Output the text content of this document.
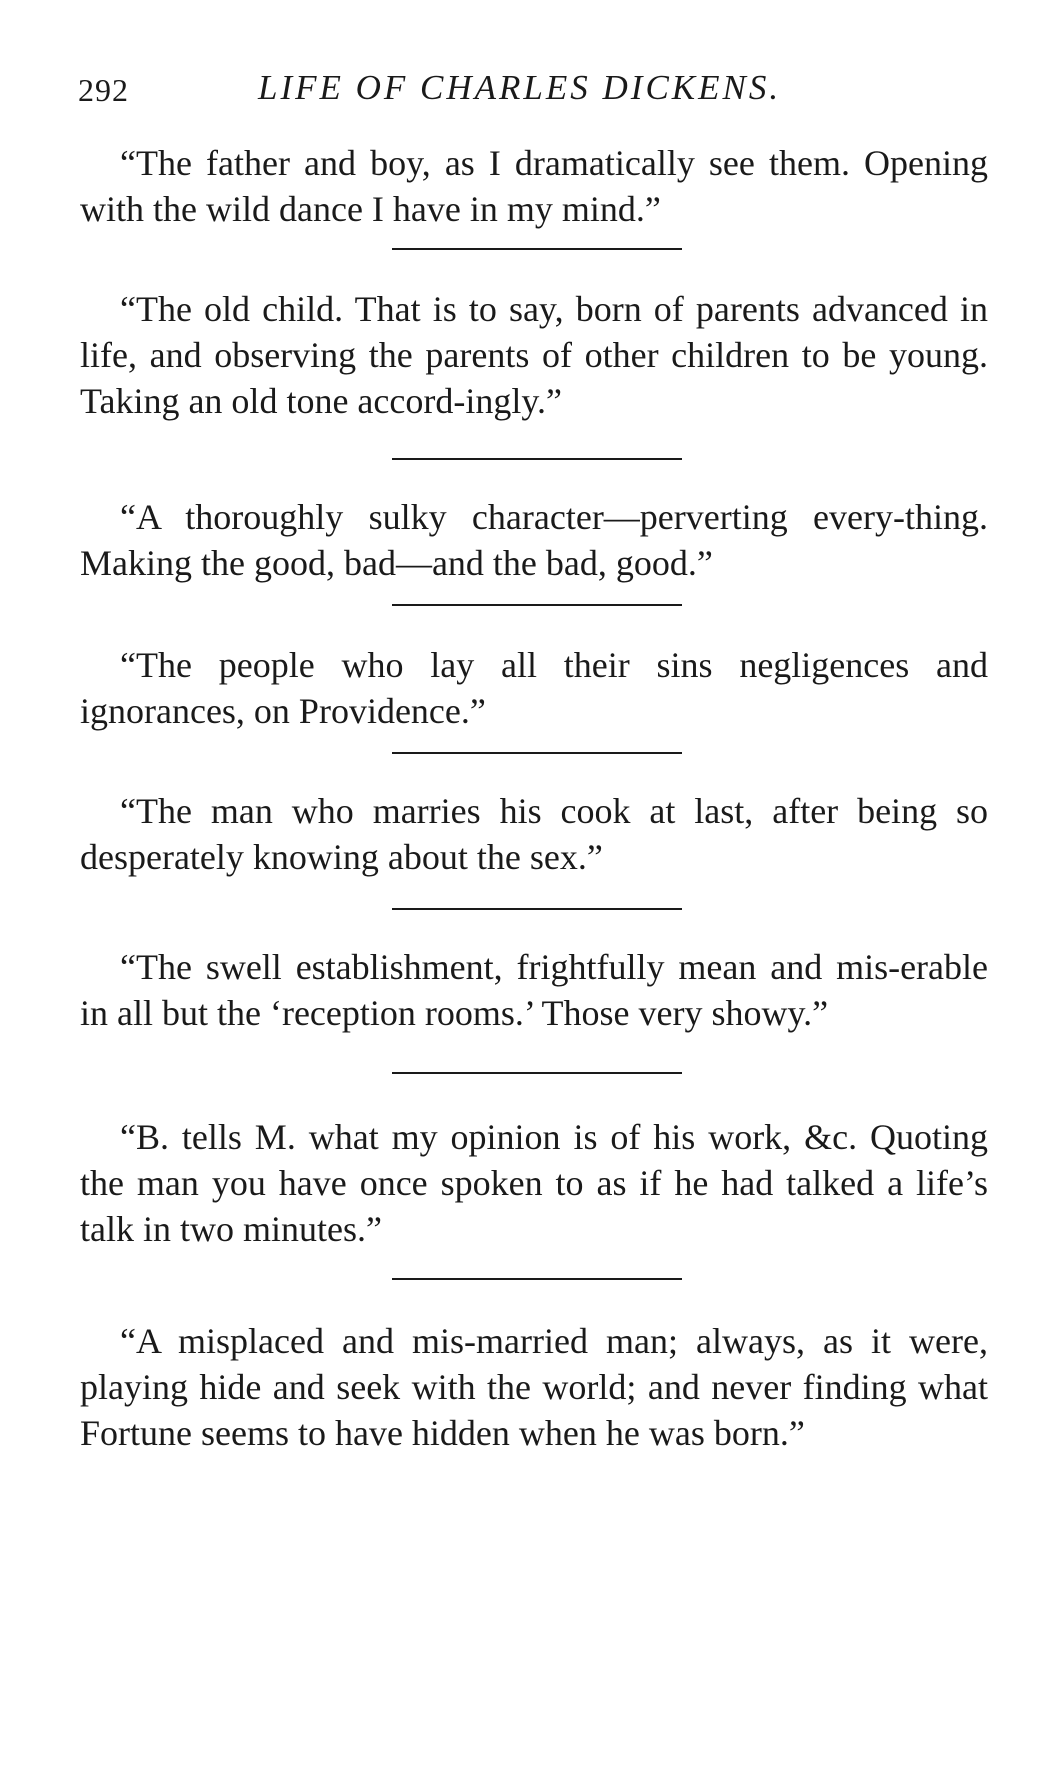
292	LIFE OF CHARLES DICKENS.

“The father and boy, as I dramatically see them. Opening with the wild dance I have in my mind.”

“The old child. That is to say, born of parents advanced in life, and observing the parents of other children to be young. Taking an old tone accord-ingly.”

“A thoroughly sulky character—perverting every-thing. Making the good, bad—and the bad, good.”

“The people who lay all their sins negligences and ignorances, on Providence.”

“The man who marries his cook at last, after being so desperately knowing about the sex.”

“The swell establishment, frightfully mean and mis-erable in all but the ‘reception rooms.’ Those very showy.”

“B. tells M. what my opinion is of his work, &c. Quoting the man you have once spoken to as if he had talked a life’s talk in two minutes.”

“A misplaced and mis-married man; always, as it were, playing hide and seek with the world; and never finding what Fortune seems to have hidden when he was born.”
